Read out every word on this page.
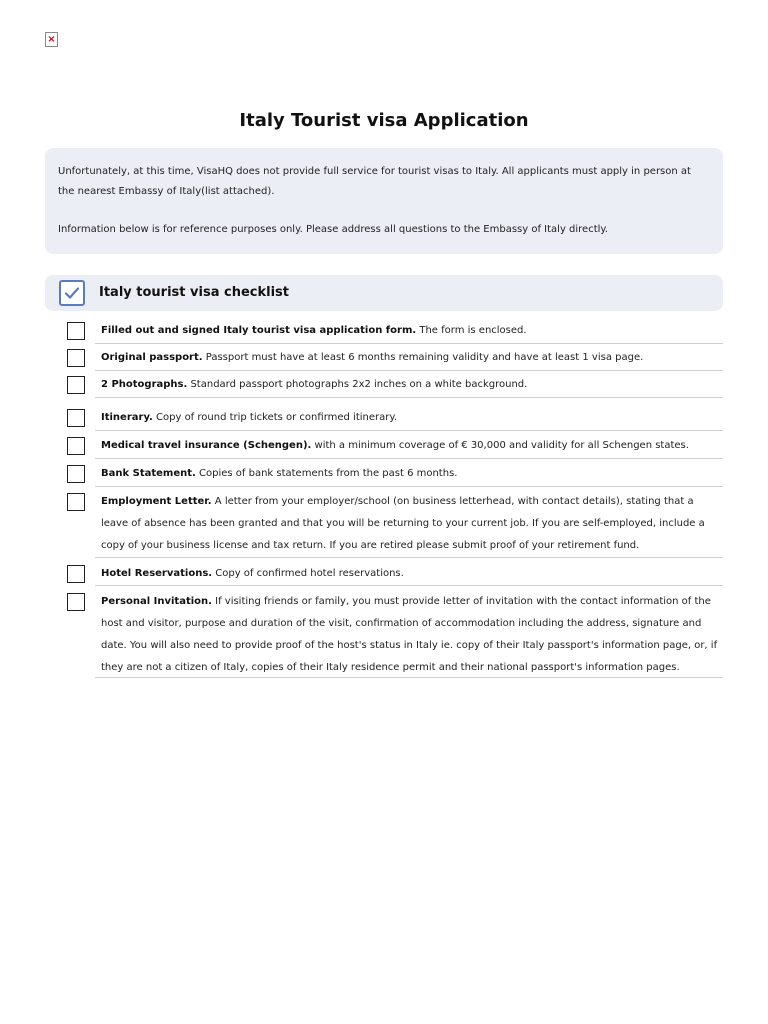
×
Italy Tourist visa Application

Unfortunately, at this time, VisaHQ does not provide full service for tourist visas to Italy. All applicants must apply in person at the nearest Embassy of Italy(list attached).

Information below is for reference purposes only. Please address all questions to the Embassy of Italy directly.

Italy tourist visa checklist
Filled out and signed Italy tourist visa application form. The form is enclosed.
Original passport. Passport must have at least 6 months remaining validity and have at least 1 visa page.
2 Photographs. Standard passport photographs 2x2 inches on a white background.
Itinerary. Copy of round trip tickets or confirmed itinerary.
Medical travel insurance (Schengen). with a minimum coverage of € 30,000 and validity for all Schengen states.
Bank Statement. Copies of bank statements from the past 6 months.
Employment Letter. A letter from your employer/school (on business letterhead, with contact details), stating that a leave of absence has been granted and that you will be returning to your current job. If you are self-employed, include a copy of your business license and tax return. If you are retired please submit proof of your retirement fund.
Hotel Reservations. Copy of confirmed hotel reservations.
Personal Invitation. If visiting friends or family, you must provide letter of invitation with the contact information of the host and visitor, purpose and duration of the visit, confirmation of accommodation including the address, signature and date. You will also need to provide proof of the host's status in Italy ie. copy of their Italy passport's information page, or, if they are not a citizen of Italy, copies of their Italy residence permit and their national passport's information pages.
